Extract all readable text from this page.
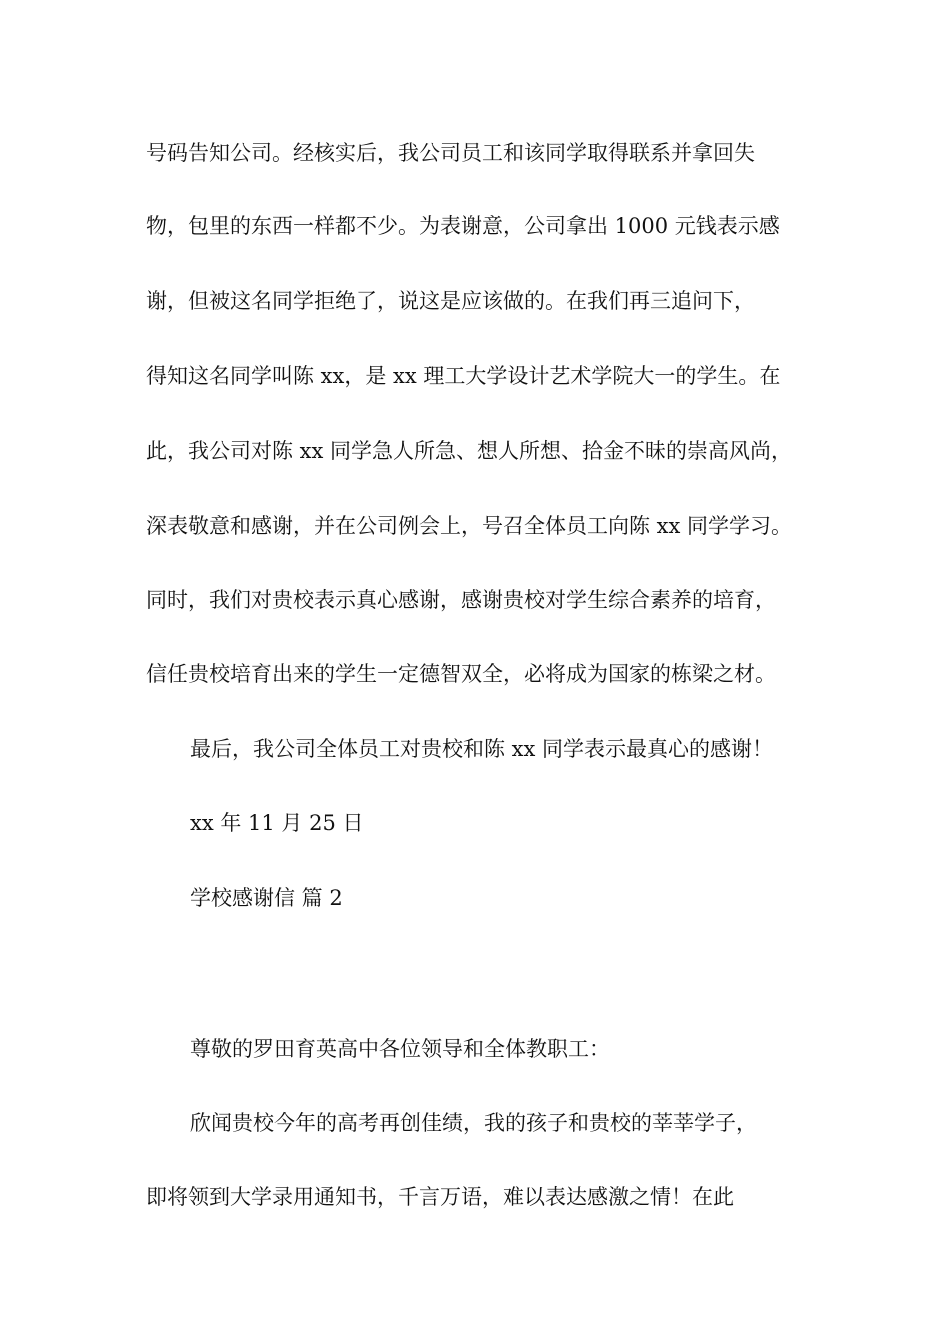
号码告知公司。经核实后，我公司员工和该同学取得联系并拿回失
物，包里的东西一样都不少。为表谢意，公司拿出 1000 元钱表示感
谢，但被这名同学拒绝了，说这是应该做的。在我们再三追问下，
得知这名同学叫陈 xx，是 xx 理工大学设计艺术学院大一的学生。在
此，我公司对陈 xx 同学急人所急、想人所想、拾金不昧的崇高风尚，
深表敬意和感谢，并在公司例会上，号召全体员工向陈 xx 同学学习。
同时，我们对贵校表示真心感谢，感谢贵校对学生综合素养的培育，
信任贵校培育出来的学生一定德智双全，必将成为国家的栋梁之材。
最后，我公司全体员工对贵校和陈 xx 同学表示最真心的感谢！
xx 年 11 月 25 日
学校感谢信 篇 2
尊敬的罗田育英高中各位领导和全体教职工：
欣闻贵校今年的高考再创佳绩，我的孩子和贵校的莘莘学子，
即将领到大学录用通知书，千言万语，难以表达感激之情！在此
